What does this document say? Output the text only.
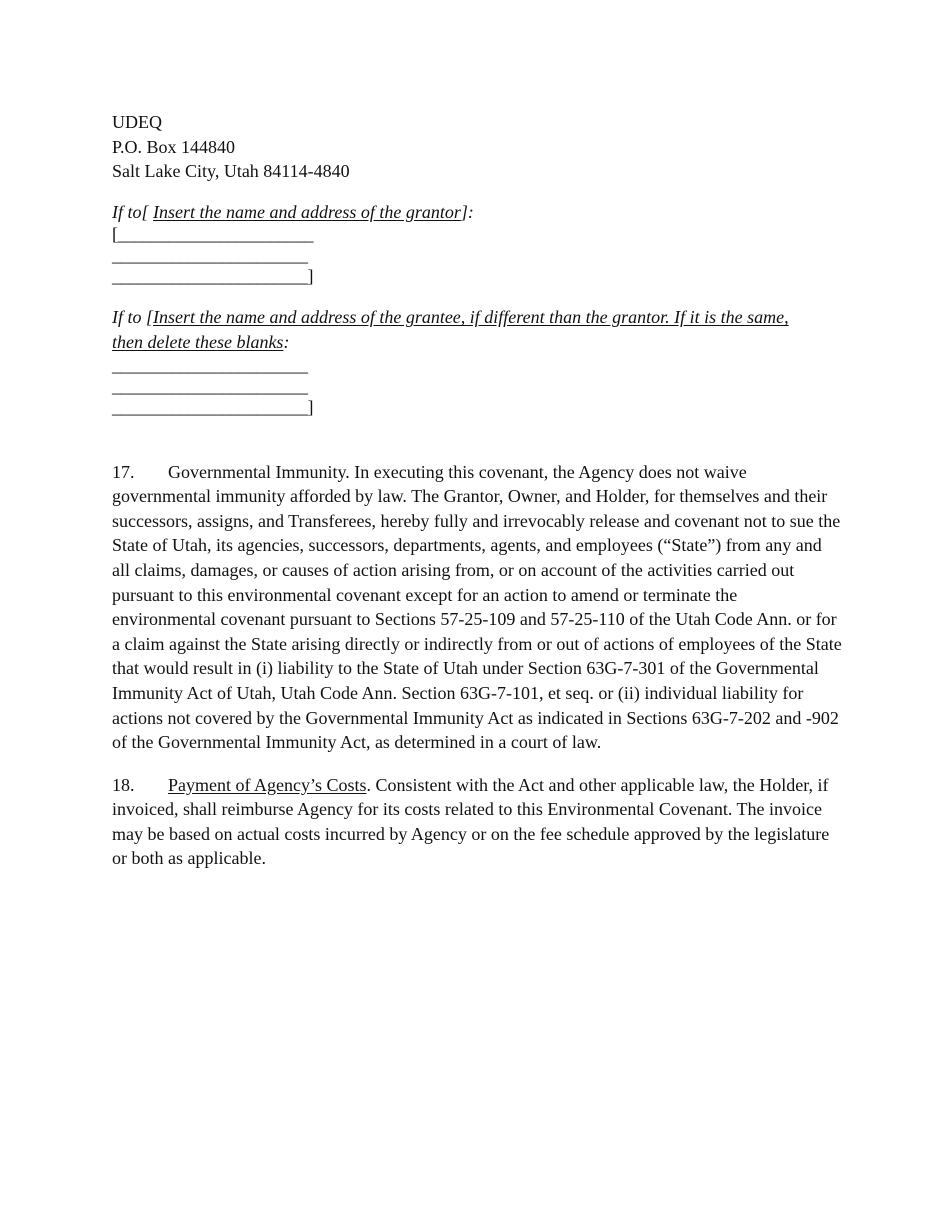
UDEQ
P.O. Box 144840
Salt Lake City, Utah 84114-4840
If to[ Insert the name and address of the grantor]:
[_______________________
_______________________
_______________________]
If to [Insert the name and address of the grantee, if different than the grantor. If it is the same,
then delete these blanks:
_______________________
_______________________
_______________________]
17. Governmental Immunity. In executing this covenant, the Agency does not waive governmental immunity afforded by law. The Grantor, Owner, and Holder, for themselves and their successors, assigns, and Transferees, hereby fully and irrevocably release and covenant not to sue the State of Utah, its agencies, successors, departments, agents, and employees (“State”) from any and all claims, damages, or causes of action arising from, or on account of the activities carried out pursuant to this environmental covenant except for an action to amend or terminate the environmental covenant pursuant to Sections 57-25-109 and 57-25-110 of the Utah Code Ann. or for a claim against the State arising directly or indirectly from or out of actions of employees of the State that would result in (i) liability to the State of Utah under Section 63G-7-301 of the Governmental Immunity Act of Utah, Utah Code Ann. Section 63G-7-101, et seq. or (ii) individual liability for actions not covered by the Governmental Immunity Act as indicated in Sections 63G-7-202 and -902 of the Governmental Immunity Act, as determined in a court of law.
18. Payment of Agency’s Costs. Consistent with the Act and other applicable law, the Holder, if invoiced, shall reimburse Agency for its costs related to this Environmental Covenant. The invoice may be based on actual costs incurred by Agency or on the fee schedule approved by the legislature or both as applicable.
